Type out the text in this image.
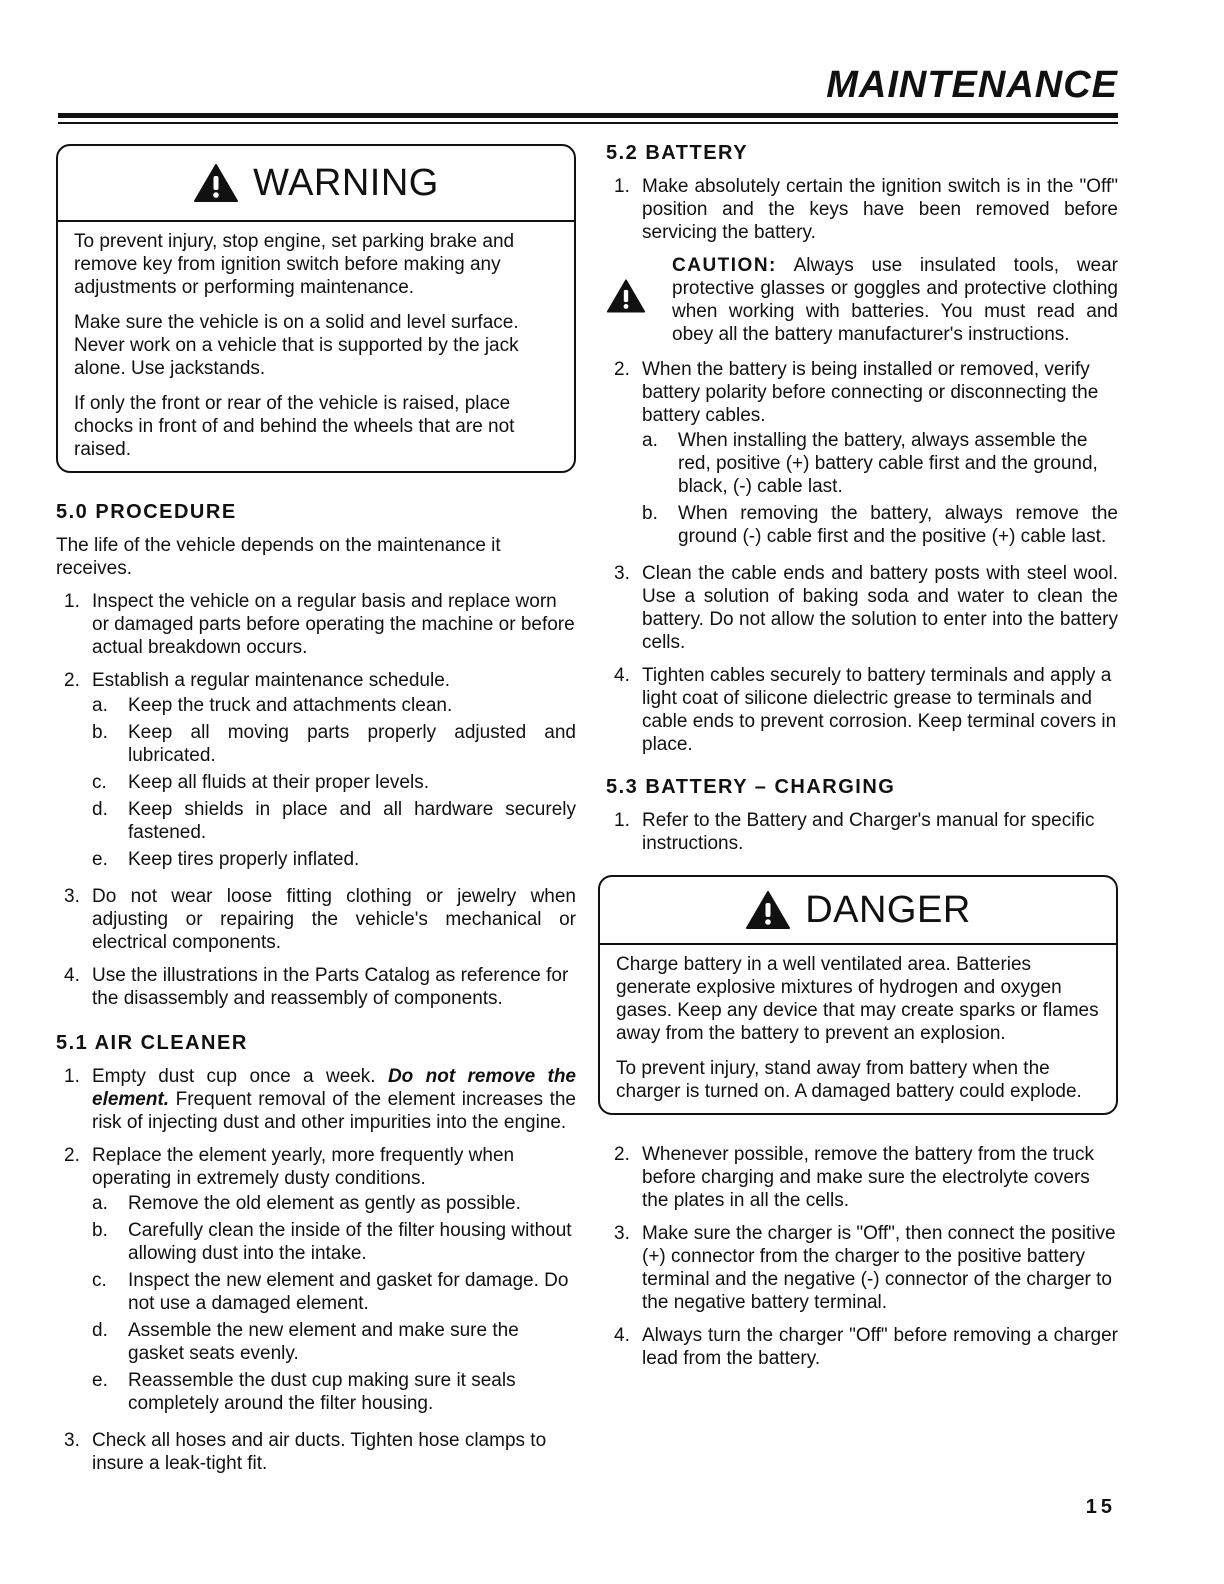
MAINTENANCE
WARNING

To prevent injury, stop engine, set parking brake and remove key from ignition switch before making any adjustments or performing maintenance.

Make sure the vehicle is on a solid and level surface. Never work on a vehicle that is supported by the jack alone. Use jackstands.

If only the front or rear of the vehicle is raised, place chocks in front of and behind the wheels that are not raised.

5.0 PROCEDURE
The life of the vehicle depends on the maintenance it receives.
1. Inspect the vehicle on a regular basis and replace worn or damaged parts before operating the machine or before actual breakdown occurs.
2. Establish a regular maintenance schedule.
a.	Keep the truck and attachments clean.
b.	Keep all moving parts properly adjusted and lubricated.
c.	Keep all fluids at their proper levels.
d.	Keep shields in place and all hardware securely fastened.
e.	Keep tires properly inflated.
3. Do not wear loose fitting clothing or jewelry when adjusting or repairing the vehicle's mechanical or electrical components.
4. Use the illustrations in the Parts Catalog as reference for the disassembly and reassembly of components.
5.1 AIR CLEANER
1. Empty dust cup once a week. Do not remove the element. Frequent removal of the element increases the risk of injecting dust and other impurities into the engine.
2. Replace the element yearly, more frequently when operating in extremely dusty conditions.
a.	Remove the old element as gently as possible.
b.	Carefully clean the inside of the filter housing without allowing dust into the intake.
c.	Inspect the new element and gasket for damage. Do not use a damaged element.
d.	Assemble the new element and make sure the gasket seats evenly.
e.	Reassemble the dust cup making sure it seals completely around the filter housing.
3. Check all hoses and air ducts. Tighten hose clamps to insure a leak-tight fit.
5.2 BATTERY
1. Make absolutely certain the ignition switch is in the "Off" position and the keys have been removed before servicing the battery.
CAUTION: Always use insulated tools, wear protective glasses or goggles and protective clothing when working with batteries. You must read and obey all the battery manufacturer's instructions.
2. When the battery is being installed or removed, verify battery polarity before connecting or disconnecting the battery cables.
a.	When installing the battery, always assemble the red, positive (+) battery cable first and the ground, black, (-) cable last.
b.	When removing the battery, always remove the ground (-) cable first and the positive (+) cable last.
3. Clean the cable ends and battery posts with steel wool. Use a solution of baking soda and water to clean the battery. Do not allow the solution to enter into the battery cells.
4. Tighten cables securely to battery terminals and apply a light coat of silicone dielectric grease to terminals and cable ends to prevent corrosion. Keep terminal covers in place.
5.3 BATTERY – CHARGING
1. Refer to the Battery and Charger's manual for specific instructions.
DANGER

Charge battery in a well ventilated area. Batteries generate explosive mixtures of hydrogen and oxygen gases. Keep any device that may create sparks or flames away from the battery to prevent an explosion.

To prevent injury, stand away from battery when the charger is turned on. A damaged battery could explode.

2. Whenever possible, remove the battery from the truck before charging and make sure the electrolyte covers the plates in all the cells.
3. Make sure the charger is "Off", then connect the positive (+) connector from the charger to the positive battery terminal and the negative (-) connector of the charger to the negative battery terminal.
4. Always turn the charger "Off" before removing a charger lead from the battery.
15
